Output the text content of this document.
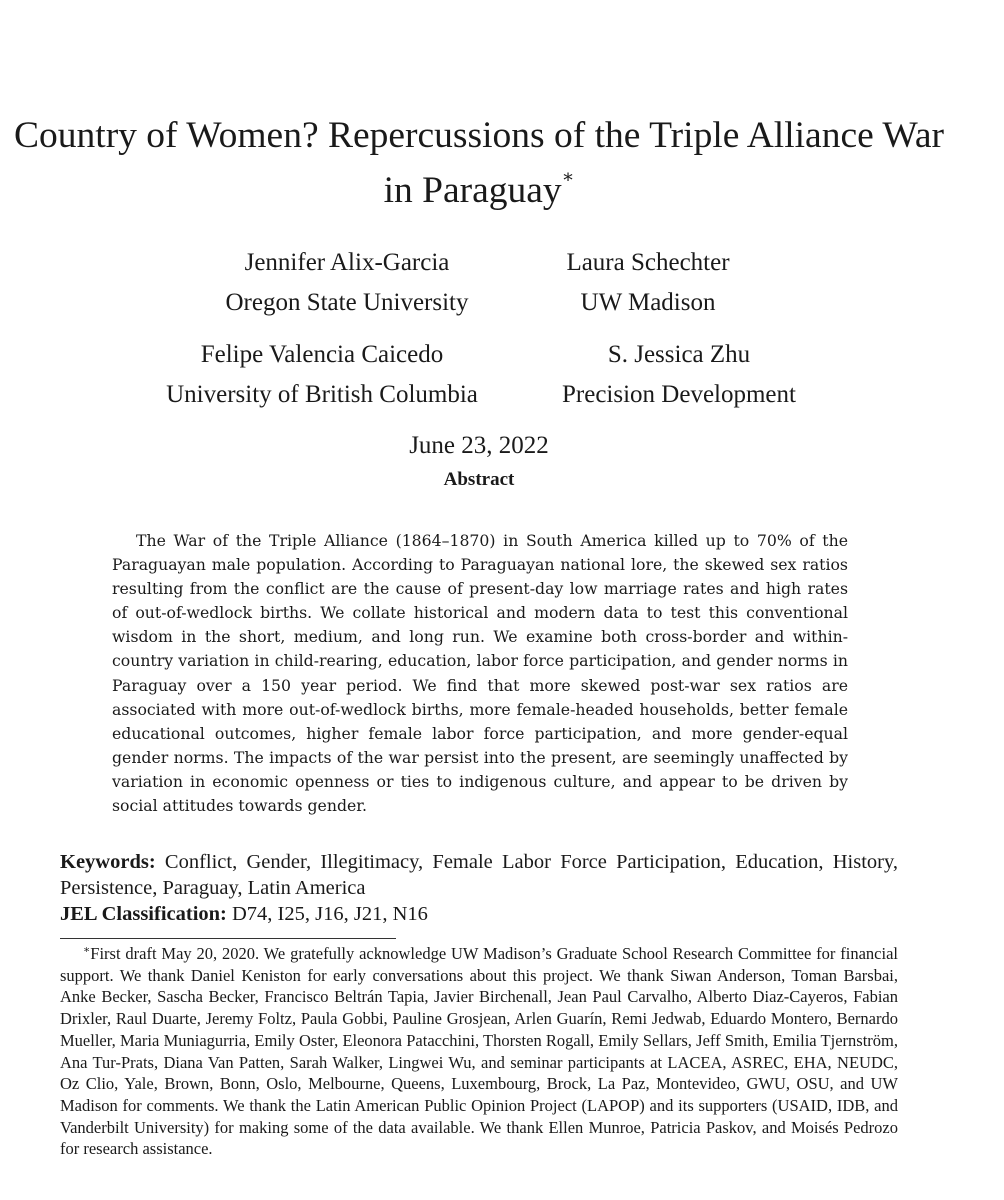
Country of Women? Repercussions of the Triple Alliance War in Paraguay∗
Jennifer Alix-Garcia
Oregon State University
Laura Schechter
UW Madison
Felipe Valencia Caicedo
University of British Columbia
S. Jessica Zhu
Precision Development
June 23, 2022
Abstract

The War of the Triple Alliance (1864–1870) in South America killed up to 70% of the Paraguayan male population. According to Paraguayan national lore, the skewed sex ratios resulting from the conflict are the cause of present-day low marriage rates and high rates of out-of-wedlock births. We collate historical and modern data to test this conventional wisdom in the short, medium, and long run. We examine both cross-border and within-country variation in child-rearing, education, labor force participation, and gender norms in Paraguay over a 150 year period. We find that more skewed post-war sex ratios are associated with more out-of-wedlock births, more female-headed households, better female educational outcomes, higher female labor force participation, and more gender-equal gender norms. The impacts of the war persist into the present, are seemingly unaffected by variation in economic openness or ties to indigenous culture, and appear to be driven by social attitudes towards gender.

Keywords: Conflict, Gender, Illegitimacy, Female Labor Force Participation, Education, History, Persistence, Paraguay, Latin America
JEL Classification: D74, I25, J16, J21, N16

∗First draft May 20, 2020. We gratefully acknowledge UW Madison’s Graduate School Research Committee for financial support. We thank Daniel Keniston for early conversations about this project. We thank Siwan Anderson, Toman Barsbai, Anke Becker, Sascha Becker, Francisco Beltrán Tapia, Javier Birchenall, Jean Paul Carvalho, Alberto Diaz-Cayeros, Fabian Drixler, Raul Duarte, Jeremy Foltz, Paula Gobbi, Pauline Grosjean, Arlen Guarín, Remi Jedwab, Eduardo Montero, Bernardo Mueller, Maria Muniagurria, Emily Oster, Eleonora Patacchini, Thorsten Rogall, Emily Sellars, Jeff Smith, Emilia Tjernström, Ana Tur-Prats, Diana Van Patten, Sarah Walker, Lingwei Wu, and seminar participants at LACEA, ASREC, EHA, NEUDC, Oz Clio, Yale, Brown, Bonn, Oslo, Melbourne, Queens, Luxembourg, Brock, La Paz, Montevideo, GWU, OSU, and UW Madison for comments. We thank the Latin American Public Opinion Project (LAPOP) and its supporters (USAID, IDB, and Vanderbilt University) for making some of the data available. We thank Ellen Munroe, Patricia Paskov, and Moisés Pedrozo for research assistance.
